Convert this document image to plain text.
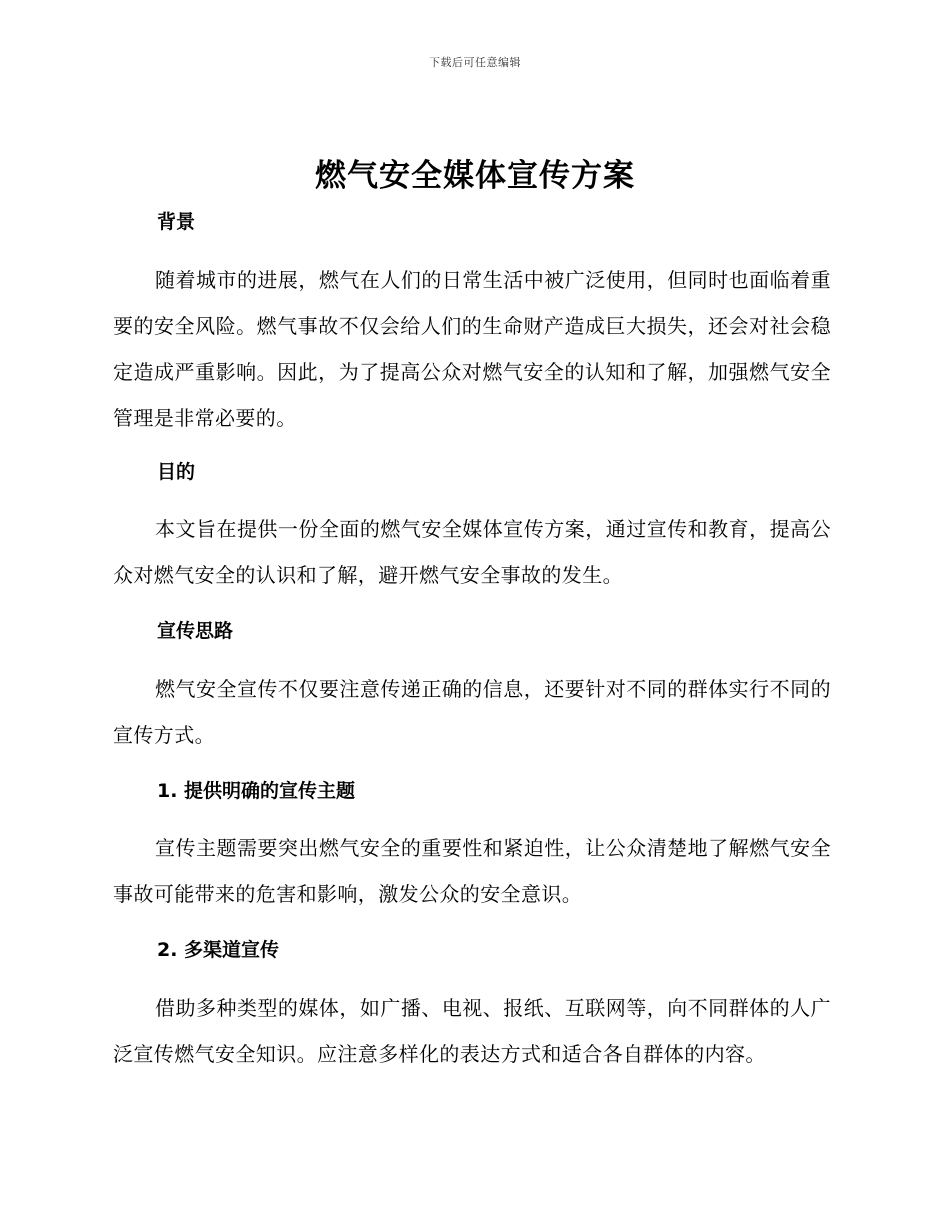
下载后可任意编辑
燃气安全媒体宣传方案
背景

随着城市的进展，燃气在人们的日常生活中被广泛使用，但同时也面临着重要的安全风险。燃气事故不仅会给人们的生命财产造成巨大损失，还会对社会稳定造成严重影响。因此，为了提高公众对燃气安全的认知和了解，加强燃气安全管理是非常必要的。

目的

本文旨在提供一份全面的燃气安全媒体宣传方案，通过宣传和教育，提高公众对燃气安全的认识和了解，避开燃气安全事故的发生。

宣传思路

燃气安全宣传不仅要注意传递正确的信息，还要针对不同的群体实行不同的宣传方式。

1. 提供明确的宣传主题

宣传主题需要突出燃气安全的重要性和紧迫性，让公众清楚地了解燃气安全事故可能带来的危害和影响，激发公众的安全意识。

2. 多渠道宣传

借助多种类型的媒体，如广播、电视、报纸、互联网等，向不同群体的人广泛宣传燃气安全知识。应注意多样化的表达方式和适合各自群体的内容。
